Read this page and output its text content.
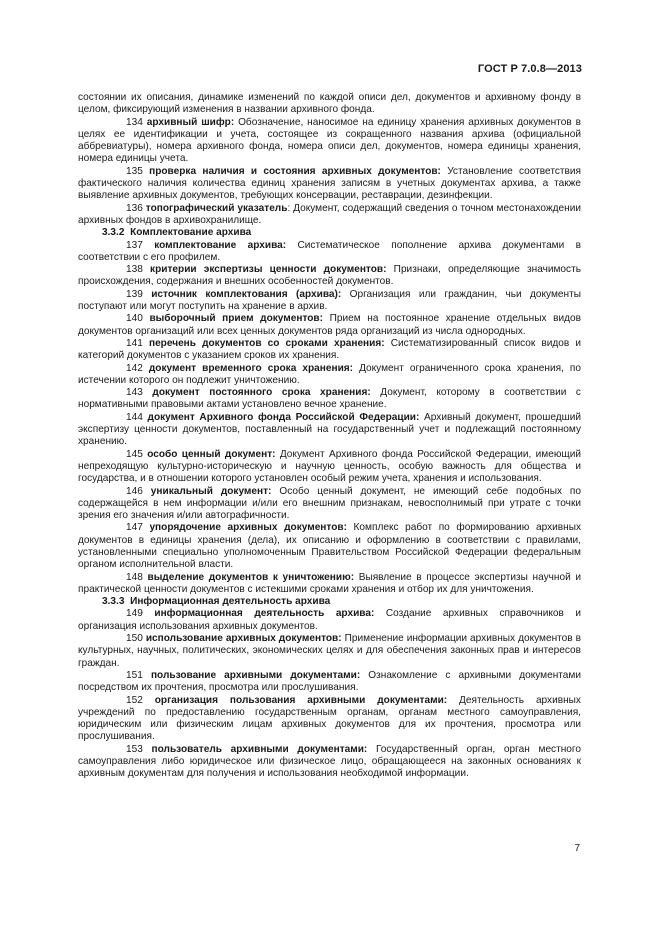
ГОСТ Р 7.0.8—2013

состоянии их описания, динамике изменений по каждой описи дел, документов и архивному фонду в целом, фиксирующий изменения в названии архивного фонда.

134 архивный шифр: Обозначение, наносимое на единицу хранения архивных документов в целях ее идентификации и учета, состоящее из сокращенного названия архива (официальной аббревиатуры), номера архивного фонда, номера описи дел, документов, номера единицы хранения, номера единицы учета.

135 проверка наличия и состояния архивных документов: Установление соответствия фактического наличия количества единиц хранения записям в учетных документах архива, а также выявление архивных документов, требующих консервации, реставрации, дезинфекции.

136 топографический указатель: Документ, содержащий сведения о точном местонахождении архивных фондов в архивохранилище.

3.3.2 Комплектование архива

137 комплектование архива: Систематическое пополнение архива документами в соответствии с его профилем.

138 критерии экспертизы ценности документов: Признаки, определяющие значимость происхождения, содержания и внешних особенностей документов.

139 источник комплектования (архива): Организация или гражданин, чьи документы поступают или могут поступить на хранение в архив.

140 выборочный прием документов: Прием на постоянное хранение отдельных видов документов организаций или всех ценных документов ряда организаций из числа однородных.

141 перечень документов со сроками хранения: Систематизированный список видов и категорий документов с указанием сроков их хранения.

142 документ временного срока хранения: Документ ограниченного срока хранения, по истечении которого он подлежит уничтожению.

143 документ постоянного срока хранения: Документ, которому в соответствии с нормативными правовыми актами установлено вечное хранение.

144 документ Архивного фонда Российской Федерации: Архивный документ, прошедший экспертизу ценности документов, поставленный на государственный учет и подлежащий постоянному хранению.

145 особо ценный документ: Документ Архивного фонда Российской Федерации, имеющий непреходящую культурно-историческую и научную ценность, особую важность для общества и государства, и в отношении которого установлен особый режим учета, хранения и использования.

146 уникальный документ: Особо ценный документ, не имеющий себе подобных по содержащейся в нем информации и/или его внешним признакам, невосполнимый при утрате с точки зрения его значения и/или автографичности.

147 упорядочение архивных документов: Комплекс работ по формированию архивных документов в единицы хранения (дела), их описанию и оформлению в соответствии с правилами, установленными специально уполномоченным Правительством Российской Федерации федеральным органом исполнительной власти.

148 выделение документов к уничтожению: Выявление в процессе экспертизы научной и практической ценности документов с истекшими сроками хранения и отбор их для уничтожения.

3.3.3 Информационная деятельность архива

149 информационная деятельность архива: Создание архивных справочников и организация использования архивных документов.

150 использование архивных документов: Применение информации архивных документов в культурных, научных, политических, экономических целях и для обеспечения законных прав и интересов граждан.

151 пользование архивными документами: Ознакомление с архивными документами посредством их прочтения, просмотра или прослушивания.

152 организация пользования архивными документами: Деятельность архивных учреждений по предоставлению государственным органам, органам местного самоуправления, юридическим или физическим лицам архивных документов для их прочтения, просмотра или прослушивания.

153 пользователь архивными документами: Государственный орган, орган местного самоуправления либо юридическое или физическое лицо, обращающееся на законных основаниях к архивным документам для получения и использования необходимой информации.

7
